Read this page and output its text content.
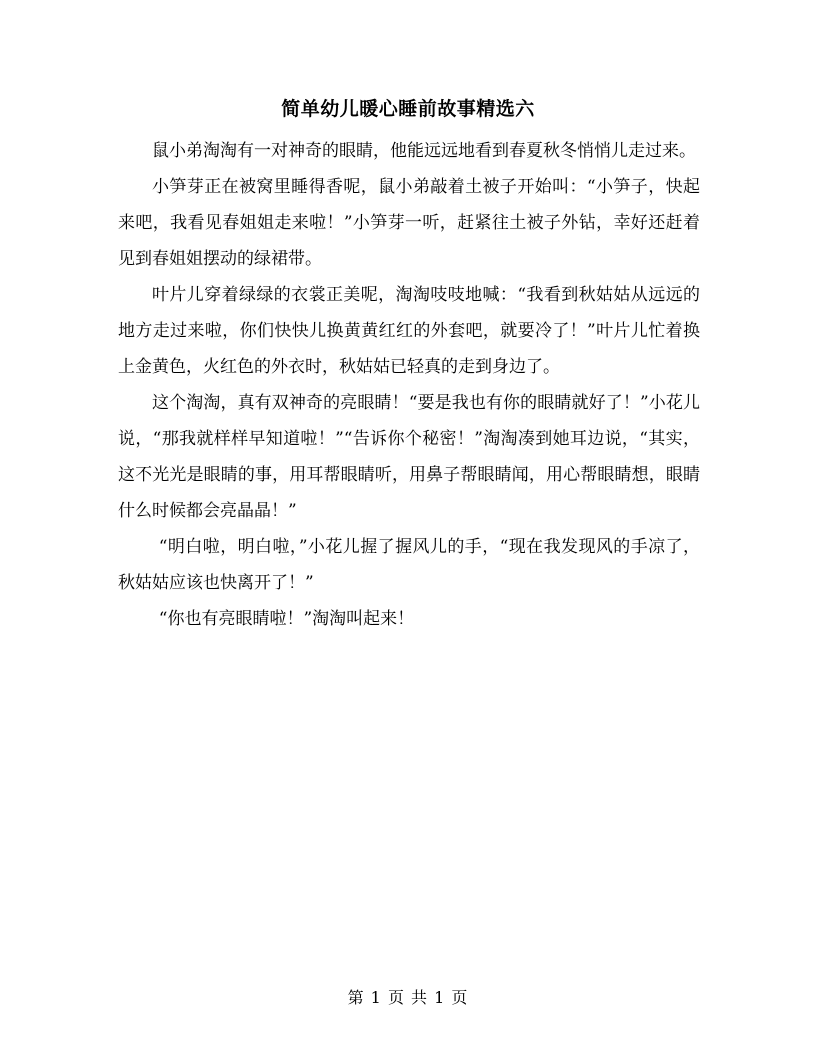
简单幼儿暖心睡前故事精选六

鼠小弟淘淘有一对神奇的眼睛，他能远远地看到春夏秋冬悄悄儿走过来。

小笋芽正在被窝里睡得香呢，鼠小弟敲着土被子开始叫：“小笋子，快起来吧，我看见春姐姐走来啦！”小笋芽一听，赶紧往土被子外钻，幸好还赶着见到春姐姐摆动的绿裙带。

叶片儿穿着绿绿的衣裳正美呢，淘淘吱吱地喊：“我看到秋姑姑从远远的地方走过来啦，你们快快儿换黄黄红红的外套吧，就要冷了！”叶片儿忙着换上金黄色，火红色的外衣时，秋姑姑已轻真的走到身边了。

这个淘淘，真有双神奇的亮眼睛！“要是我也有你的眼睛就好了！”小花儿说，“那我就样样早知道啦！”“告诉你个秘密！”淘淘凑到她耳边说，“其实，这不光光是眼睛的事，用耳帮眼睛听，用鼻子帮眼睛闻，用心帮眼睛想，眼睛什么时候都会亮晶晶！”

“明白啦，明白啦，”小花儿握了握风儿的手，“现在我发现风的手凉了，秋姑姑应该也快离开了！”

“你也有亮眼睛啦！”淘淘叫起来！

第 1 页 共 1 页
